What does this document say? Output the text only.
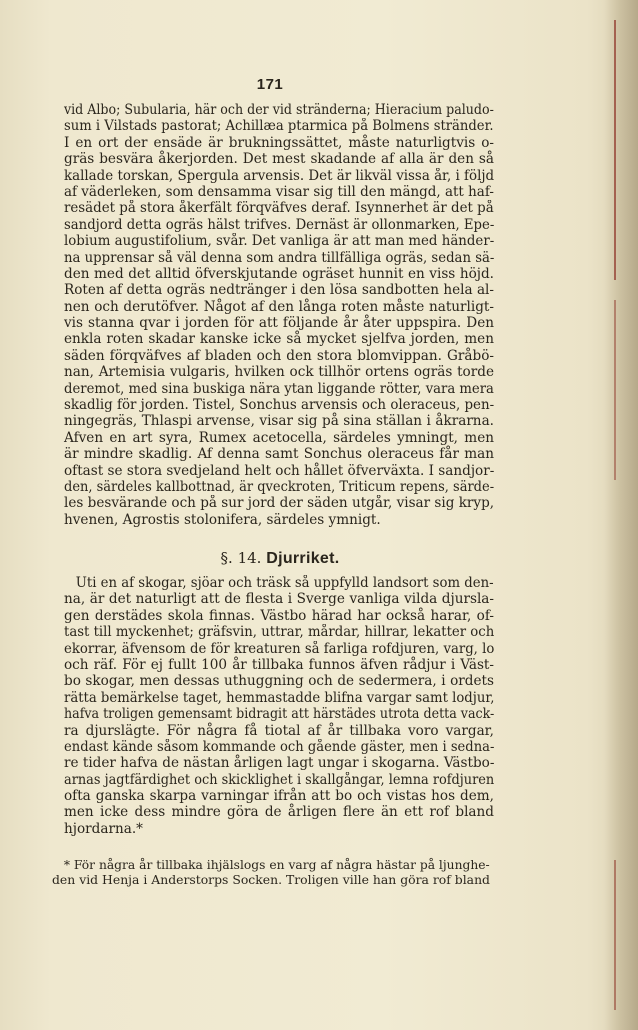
171
vid Albo; Subularia, här och der vid stränderna; Hieracium paludo-
sum i Vilstads pastorat; Achillæa ptarmica på Bolmens stränder.
I en ort der ensäde är brukningssättet, måste naturligtvis o-
gräs besvära åkerjorden. Det mest skadande af alla är den så
kallade torskan, Spergula arvensis. Det är likväl vissa år, i följd
af väderleken, som densamma visar sig till den mängd, att haf-
resädet på stora åkerfält förqväfves deraf. Isynnerhet är det på
sandjord detta ogräs hälst trifves. Dernäst är ollonmarken, Epe-
lobium augustifolium, svår. Det vanliga är att man med händer-
na upprensar så väl denna som andra tillfälliga ogräs, sedan sä-
den med det alltid öfverskjutande ogräset hunnit en viss höjd.
Roten af detta ogräs nedtränger i den lösa sandbotten hela al-
nen och derutöfver. Något af den långa roten måste naturligt-
vis stanna qvar i jorden för att följande år åter uppspira. Den
enkla roten skadar kanske icke så mycket sjelfva jorden, men
säden förqväfves af bladen och den stora blomvippan. Gråbö-
nan, Artemisia vulgaris, hvilken ock tillhör ortens ogräs torde
deremot, med sina buskiga nära ytan liggande rötter, vara mera
skadlig för jorden. Tistel, Sonchus arvensis och oleraceus, pen-
ningegräs, Thlaspi arvense, visar sig på sina ställan i åkrarna.
Afven en art syra, Rumex acetocella, särdeles ymningt, men
är mindre skadlig. Af denna samt Sonchus oleraceus får man
oftast se stora svedjeland helt och hållet öfverväxta. I sandjor-
den, särdeles kallbottnad, är qveckroten, Triticum repens, särde-
les besvärande och på sur jord der säden utgår, visar sig kryp,
hvenen, Agrostis stolonifera, särdeles ymnigt.
§. 14. Djurriket.
Uti en af skogar, sjöar och träsk så uppfylld landsort som den-
na, är det naturligt att de flesta i Sverge vanliga vilda djursla-
gen derstädes skola finnas. Västbo härad har också harar, of-
tast till myckenhet; gräfsvin, uttrar, mårdar, hillrar, lekatter och
ekorrar, äfvensom de för kreaturen så farliga rofdjuren, varg, lo
och räf. För ej fullt 100 år tillbaka funnos äfven rådjur i Väst-
bo skogar, men dessas uthuggning och de sedermera, i ordets
rätta bemärkelse taget, hemmastadde blifna vargar samt lodjur,
hafva troligen gemensamt bidragit att härstädes utrota detta vack-
ra djurslägte. För några få tiotal af år tillbaka voro vargar,
endast kände såsom kommande och gående gäster, men i sedna-
re tider hafva de nästan årligen lagt ungar i skogarna. Västbo-
arnas jagtfärdighet och skicklighet i skallgångar, lemna rofdjuren
ofta ganska skarpa varningar ifrån att bo och vistas hos dem,
men icke dess mindre göra de årligen flere än ett rof bland
hjordarna.*
* För några år tillbaka ihjälslogs en varg af några hästar på ljunghe-
den vid Henja i Anderstorps Socken. Troligen ville han göra rof bland
